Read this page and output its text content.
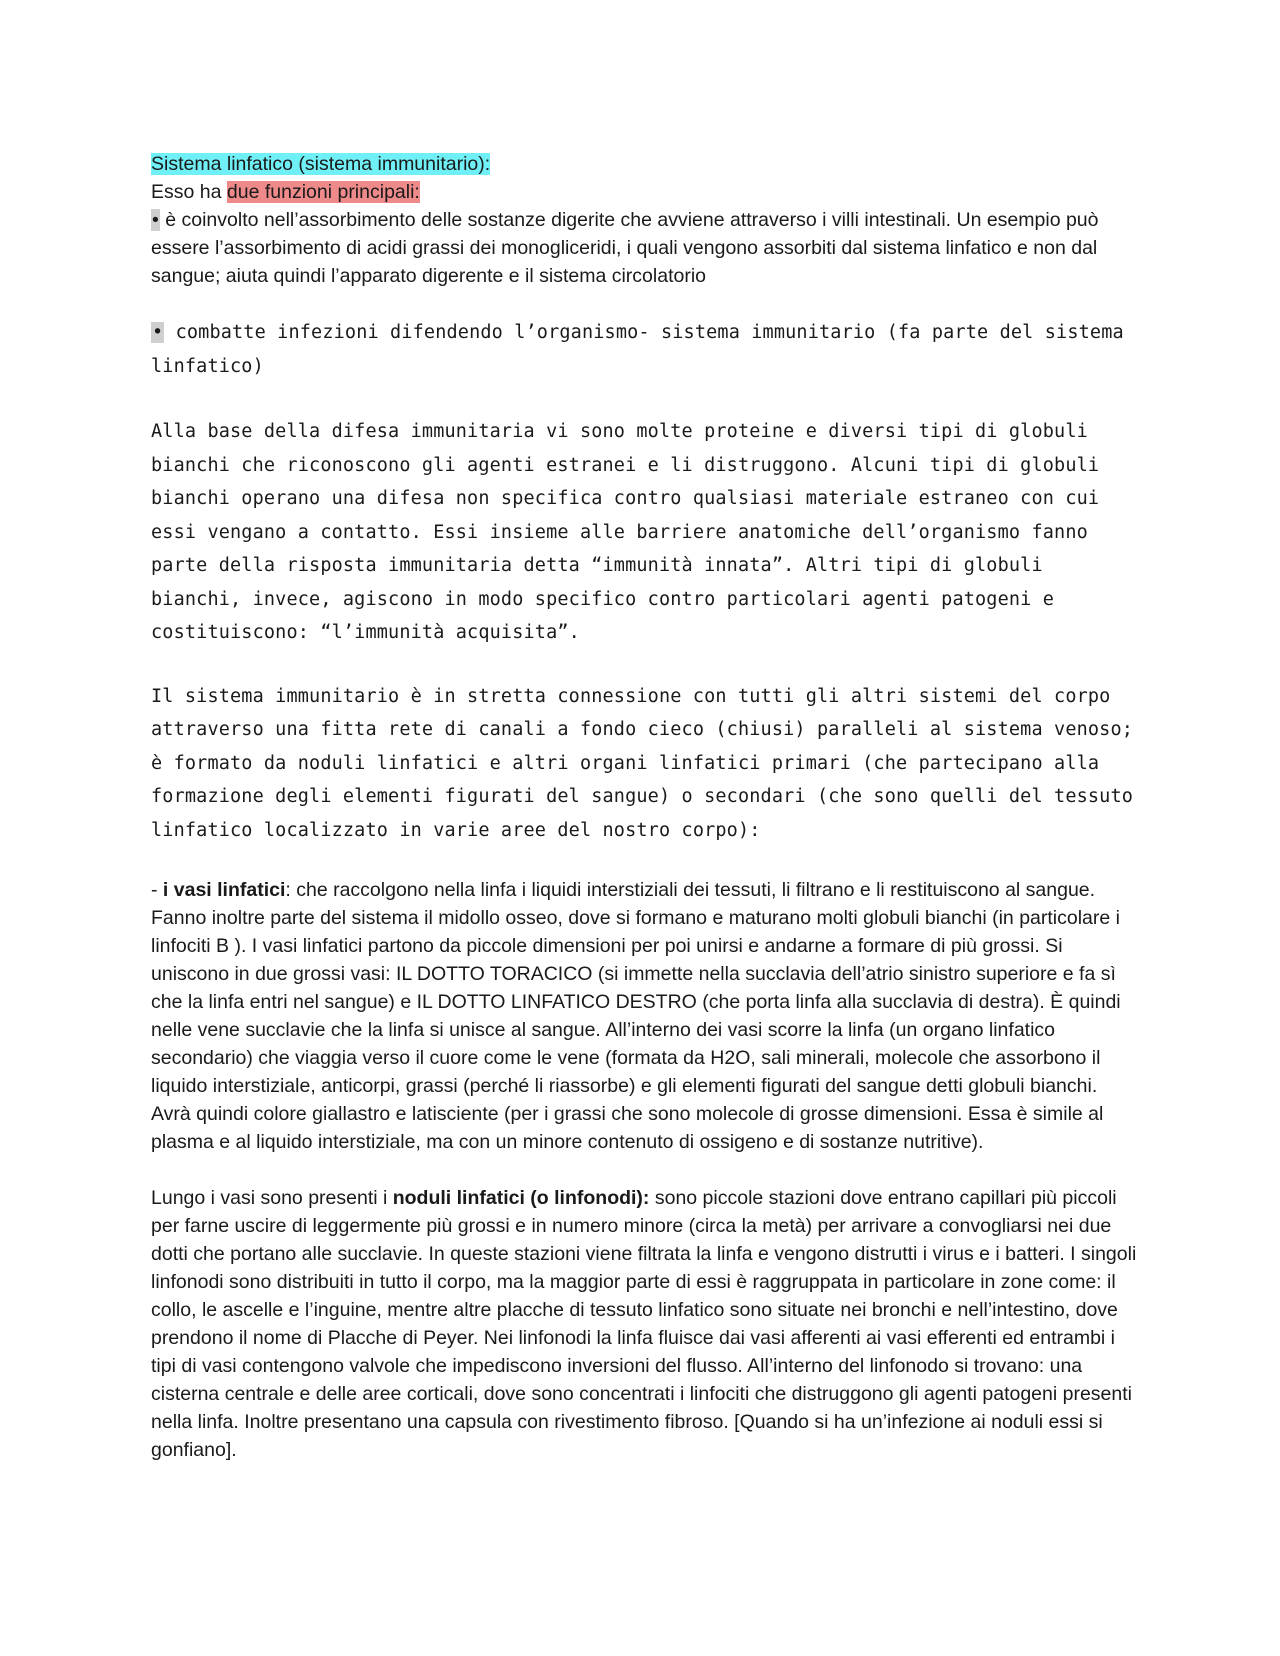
Sistema linfatico (sistema immunitario):

Esso ha due funzioni principali:

• è coinvolto nell’assorbimento delle sostanze digerite che avviene attraverso i villi intestinali. Un esempio può essere l’assorbimento di acidi grassi dei monogliceridi, i quali vengono assorbiti dal sistema linfatico e non dal sangue; aiuta quindi l’apparato digerente e il sistema circolatorio

• combatte infezioni difendendo l’organismo- sistema immunitario (fa parte del sistema linfatico)

Alla base della difesa immunitaria vi sono molte proteine e diversi tipi di globuli bianchi che riconoscono gli agenti estranei e li distruggono. Alcuni tipi di globuli bianchi operano una difesa non specifica contro qualsiasi materiale estraneo con cui essi vengano a contatto. Essi insieme alle barriere anatomiche dell’organismo fanno parte della risposta immunitaria detta “immunità innata”. Altri tipi di globuli bianchi, invece, agiscono in modo specifico contro particolari agenti patogeni e costituiscono: “l’immunità acquisita”.

Il sistema immunitario è in stretta connessione con tutti gli altri sistemi del corpo attraverso una fitta rete di canali a fondo cieco (chiusi) paralleli al sistema venoso; è formato da noduli linfatici e altri organi linfatici primari (che partecipano alla formazione degli elementi figurati del sangue) o secondari (che sono quelli del tessuto linfatico localizzato in varie aree del nostro corpo):

- i vasi linfatici: che raccolgono nella linfa i liquidi interstiziali dei tessuti, li filtrano e li restituiscono al sangue. Fanno inoltre parte del sistema il midollo osseo, dove si formano e maturano molti globuli bianchi (in particolare i linfociti B ). I vasi linfatici partono da piccole dimensioni per poi unirsi e andarne a formare di più grossi. Si uniscono in due grossi vasi: IL DOTTO TORACICO (si immette nella succlavia dell’atrio sinistro superiore e fa sì che la linfa entri nel sangue) e IL DOTTO LINFATICO DESTRO (che porta linfa alla succlavia di destra). È quindi nelle vene succlavie che la linfa si unisce al sangue. All’interno dei vasi scorre la linfa (un organo linfatico secondario) che viaggia verso il cuore come le vene (formata da H2O, sali minerali, molecole che assorbono il liquido interstiziale, anticorpi, grassi (perché li riassorbe) e gli elementi figurati del sangue detti globuli bianchi. Avrà quindi colore giallastro e latisciente (per i grassi che sono molecole di grosse dimensioni. Essa è simile al plasma e al liquido interstiziale, ma con un minore contenuto di ossigeno e di sostanze nutritive).

Lungo i vasi sono presenti i noduli linfatici (o linfonodi): sono piccole stazioni dove entrano capillari più piccoli per farne uscire di leggermente più grossi e in numero minore (circa la metà) per arrivare a convogliarsi nei due dotti che portano alle succlavie. In queste stazioni viene filtrata la linfa e vengono distrutti i virus e i batteri. I singoli linfonodi sono distribuiti in tutto il corpo, ma la maggior parte di essi è raggruppata in particolare in zone come: il collo, le ascelle e l’inguine, mentre altre placche di tessuto linfatico sono situate nei bronchi e nell’intestino, dove prendono il nome di Placche di Peyer. Nei linfonodi la linfa fluisce dai vasi afferenti ai vasi efferenti ed entrambi i tipi di vasi contengono valvole che impediscono inversioni del flusso. All’interno del linfonodo si trovano: una cisterna centrale e delle aree corticali, dove sono concentrati i linfociti che distruggono gli agenti patogeni presenti nella linfa. Inoltre presentano una capsula con rivestimento fibroso. [Quando si ha un’infezione ai noduli essi si gonfiano].
